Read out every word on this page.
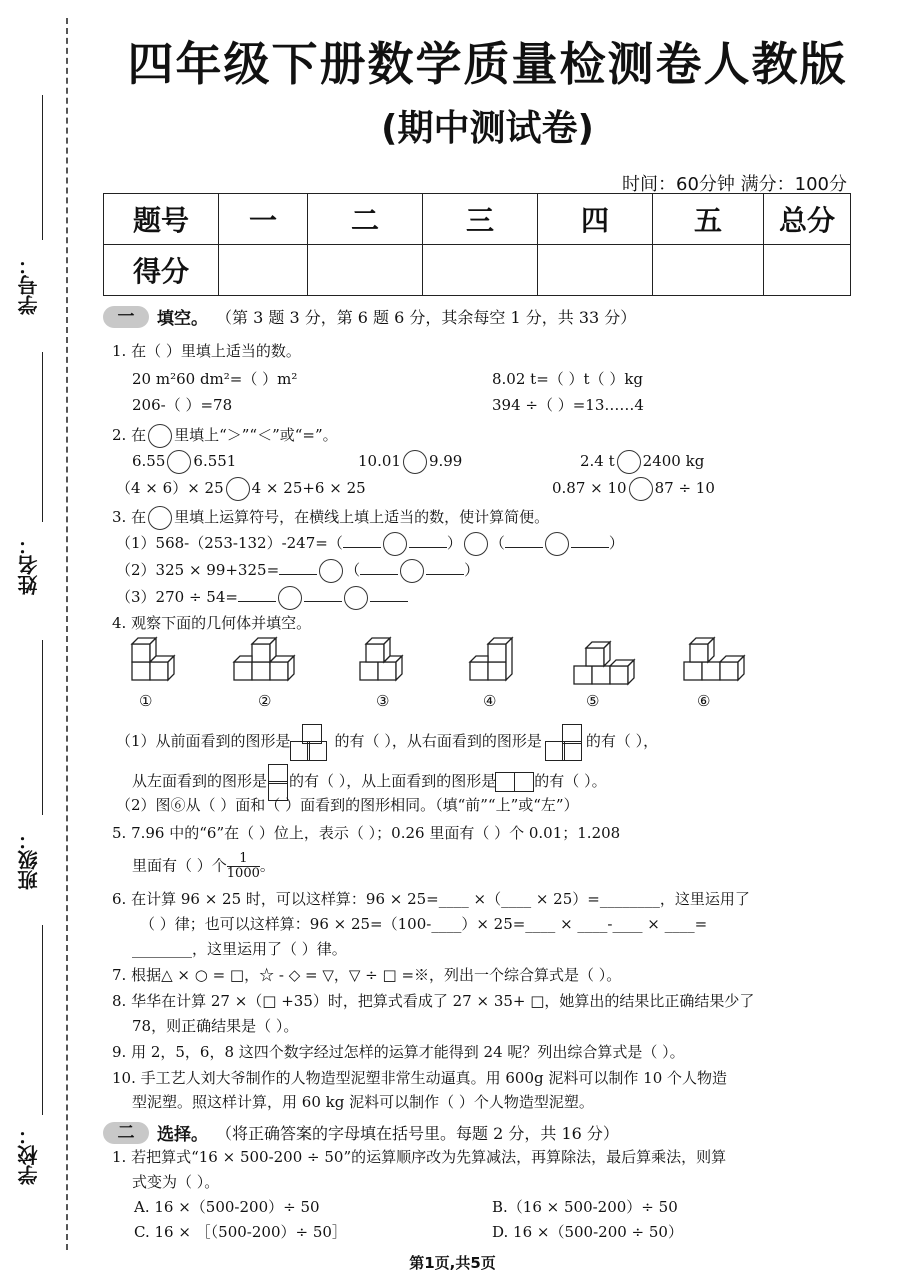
学号：
姓名：
班级：
学校：
四年级下册数学质量检测卷人教版
(期中测试卷)
时间：60分钟 满分：100分
题号	一	二	三	四	五	总分
得分						
一	填空。 （第 3 题 3 分，第 6 题 6 分，其余每空 1 分，共 33 分）
1. 在（ ）里填上适当的数。
20 m²60 dm²=（ ）m²	8.02 t=（ ）t（ ）kg
206-（ ）=78	394 ÷（ ）=13……4
2. 在 里填上“＞”“＜”或“=”。
6.55 6.551	10.01 9.99	2.4 t 2400 kg
（4 × 6）× 25 4 × 25+6 × 25	0.87 × 10 87 ÷ 10
3. 在 里填上运算符号，在横线上填上适当的数，使计算简便。
（1）568-（253-132）-247=（	） （	）
（2）325 × 99+325=	（	）
（3）270 ÷ 54=
4. 观察下面的几何体并填空。
①	②	③	④	⑤	⑥
（1）从前面看到的图形是	的有（ ），从右面看到的图形是	的有（ ），
从左面看到的图形是 的有（ ），从上面看到的图形是	的有（ ）。
（2）图⑥从（ ）面和（ ）面看到的图形相同。（填“前”“上”或“左”）
5. 7.96 中的“6”在（ ）位上，表示（ ）；0.26 里面有（ ）个 0.01；1.208
里面有（ ）个 $\frac{1}{1000}$ 。
6. 在计算 96 × 25 时，可以这样算：96 × 25=____ ×（____ × 25）=________，这里运用了
（ ）律；也可以这样算：96 × 25=（100-____）× 25=____ × ____-____ × ____=
________，这里运用了（ ）律。
7. 根据△ × ○ = □，☆ - ◇ = ▽，▽ ÷ □ =※，列出一个综合算式是（ ）。
8. 华华在计算 27 ×（□ +35）时，把算式看成了 27 × 35+ □，她算出的结果比正确结果少了
78，则正确结果是（ ）。
9. 用 2，5，6，8 这四个数字经过怎样的运算才能得到 24 呢？列出综合算式是（ ）。
10. 手工艺人刘大爷制作的人物造型泥塑非常生动逼真。用 600g 泥料可以制作 10 个人物造
型泥塑。照这样计算，用 60 kg 泥料可以制作（ ）个人物造型泥塑。
二	选择。 （将正确答案的字母填在括号里。每题 2 分，共 16 分）
1. 若把算式“16 × 500-200 ÷ 50”的运算顺序改为先算减法，再算除法，最后算乘法，则算
式变为（ ）。
A. 16 ×（500-200）÷ 50	B.（16 × 500-200）÷ 50
C. 16 × ［（500-200）÷ 50］	D. 16 ×（500-200 ÷ 50）
第1页,共5页
